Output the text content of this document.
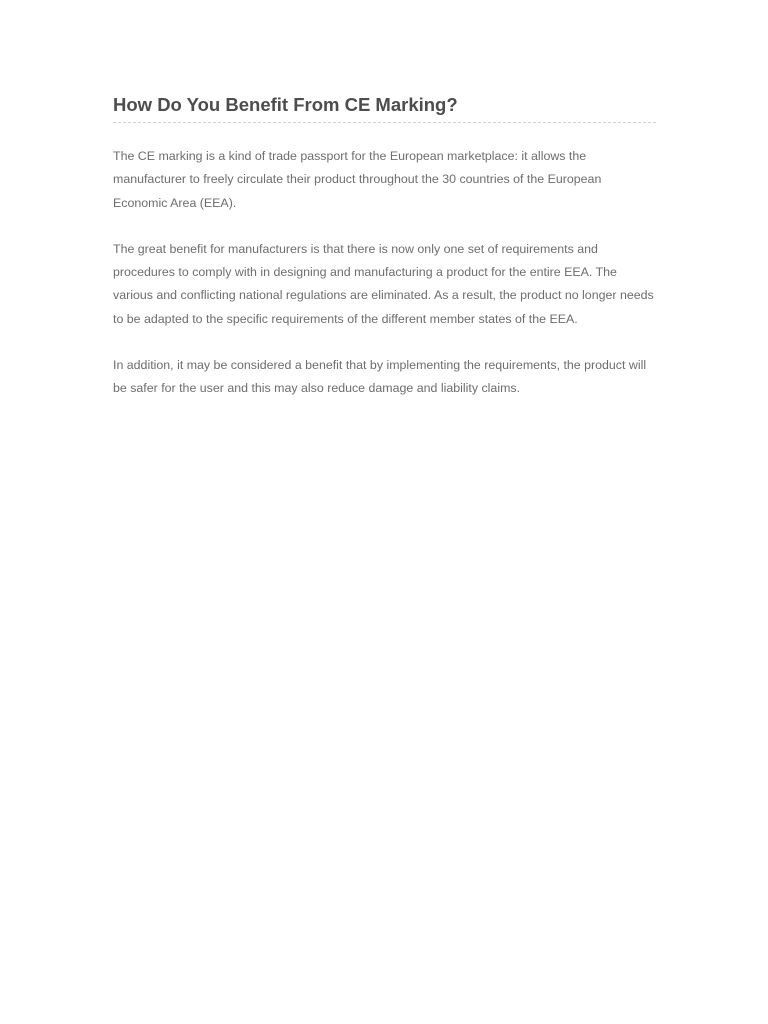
How Do You Benefit From CE Marking?

The CE marking is a kind of trade passport for the European marketplace: it allows the manufacturer to freely circulate their product throughout the 30 countries of the European Economic Area (EEA).

The great benefit for manufacturers is that there is now only one set of requirements and procedures to comply with in designing and manufacturing a product for the entire EEA. The various and conflicting national regulations are eliminated. As a result, the product no longer needs to be adapted to the specific requirements of the different member states of the EEA.

In addition, it may be considered a benefit that by implementing the requirements, the product will be safer for the user and this may also reduce damage and liability claims.
